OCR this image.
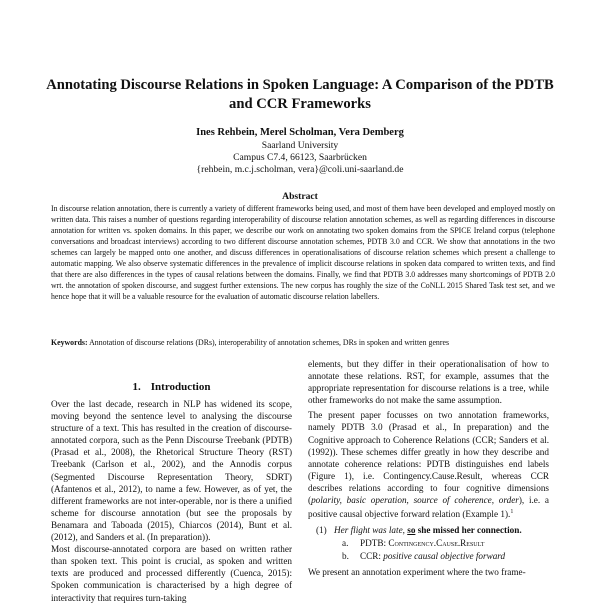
Annotating Discourse Relations in Spoken Language: A Comparison of the PDTB and CCR Frameworks
Ines Rehbein, Merel Scholman, Vera Demberg
Saarland University
Campus C7.4, 66123, Saarbrücken
{rehbein, m.c.j.scholman, vera}@coli.uni-saarland.de
Abstract
In discourse relation annotation, there is currently a variety of different frameworks being used, and most of them have been developed and employed mostly on written data. This raises a number of questions regarding interoperability of discourse relation annotation schemes, as well as regarding differences in discourse annotation for written vs. spoken domains. In this paper, we describe our work on annotating two spoken domains from the SPICE Ireland corpus (telephone conversations and broadcast interviews) according to two different discourse annotation schemes, PDTB 3.0 and CCR. We show that annotations in the two schemes can largely be mapped onto one another, and discuss differences in operationalisations of discourse relation schemes which present a challenge to automatic mapping. We also observe systematic differences in the prevalence of implicit discourse relations in spoken data compared to written texts, and find that there are also differences in the types of causal relations between the domains. Finally, we find that PDTB 3.0 addresses many shortcomings of PDTB 2.0 wrt. the annotation of spoken discourse, and suggest further extensions. The new corpus has roughly the size of the CoNLL 2015 Shared Task test set, and we hence hope that it will be a valuable resource for the evaluation of automatic discourse relation labellers.
Keywords: Annotation of discourse relations (DRs), interoperability of annotation schemes, DRs in spoken and written genres
1. Introduction

Over the last decade, research in NLP has widened its scope, moving beyond the sentence level to analysing the discourse structure of a text. This has resulted in the creation of discourse-annotated corpora, such as the Penn Discourse Treebank (PDTB) (Prasad et al., 2008), the Rhetorical Structure Theory (RST) Treebank (Carlson et al., 2002), and the Annodis corpus (Segmented Discourse Representation Theory, SDRT) (Afantenos et al., 2012), to name a few. However, as of yet, the different frameworks are not inter-operable, nor is there a unified scheme for discourse annotation (but see the proposals by Benamara and Taboada (2015), Chiarcos (2014), Bunt et al. (2012), and Sanders et al. (In preparation)).

Most discourse-annotated corpora are based on written rather than spoken text. This point is crucial, as spoken and written texts are produced and processed differently (Cuenca, 2015): Spoken communication is characterised by a high degree of interactivity that requires turn-taking

elements, but they differ in their operationalisation of how to annotate these relations. RST, for example, assumes that the appropriate representation for discourse relations is a tree, while other frameworks do not make the same assumption.

The present paper focusses on two annotation frameworks, namely PDTB 3.0 (Prasad et al., In preparation) and the Cognitive approach to Coherence Relations (CCR; Sanders et al. (1992)). These schemes differ greatly in how they describe and annotate coherence relations: PDTB distinguishes end labels (Figure 1), i.e. Contingency.Cause.Result, whereas CCR describes relations according to four cognitive dimensions (polarity, basic operation, source of coherence, order), i.e. a positive causal objective forward relation (Example 1).$^1$

(1) Her flight was late, so she missed her connection.
a.	PDTB: Contingency.Cause.Result
b.	CCR: positive causal objective forward

We present an annotation experiment where the two frame-
